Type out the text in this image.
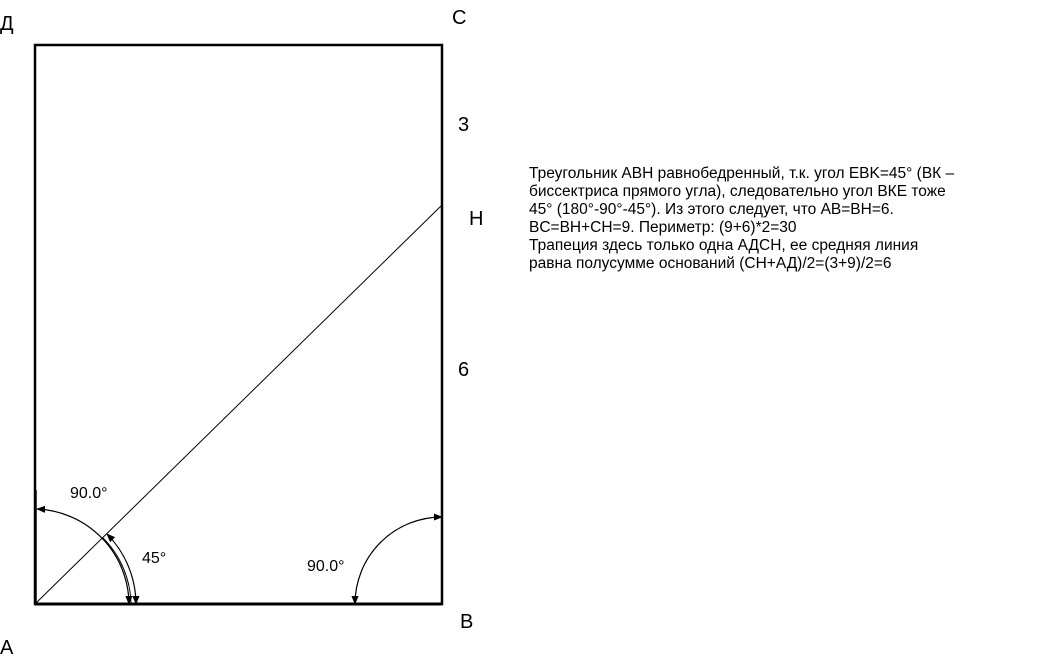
Д	C
H
B
A
3
6
90.0°
45°	90.0°
Треугольник ABH равнобедренный, т.к. угол EBK=45° (ВК –
биссектриса прямого угла), следовательно угол ВКЕ тоже
45° (180°-90°-45°). Из этого следует, что AB=BH=6.
BC=BH+CH=9. Периметр: (9+6)*2=30
Трапеция здесь только одна АДСН, ее средняя линия
равна полусумме оснований (CH+АД)/2=(3+9)/2=6
